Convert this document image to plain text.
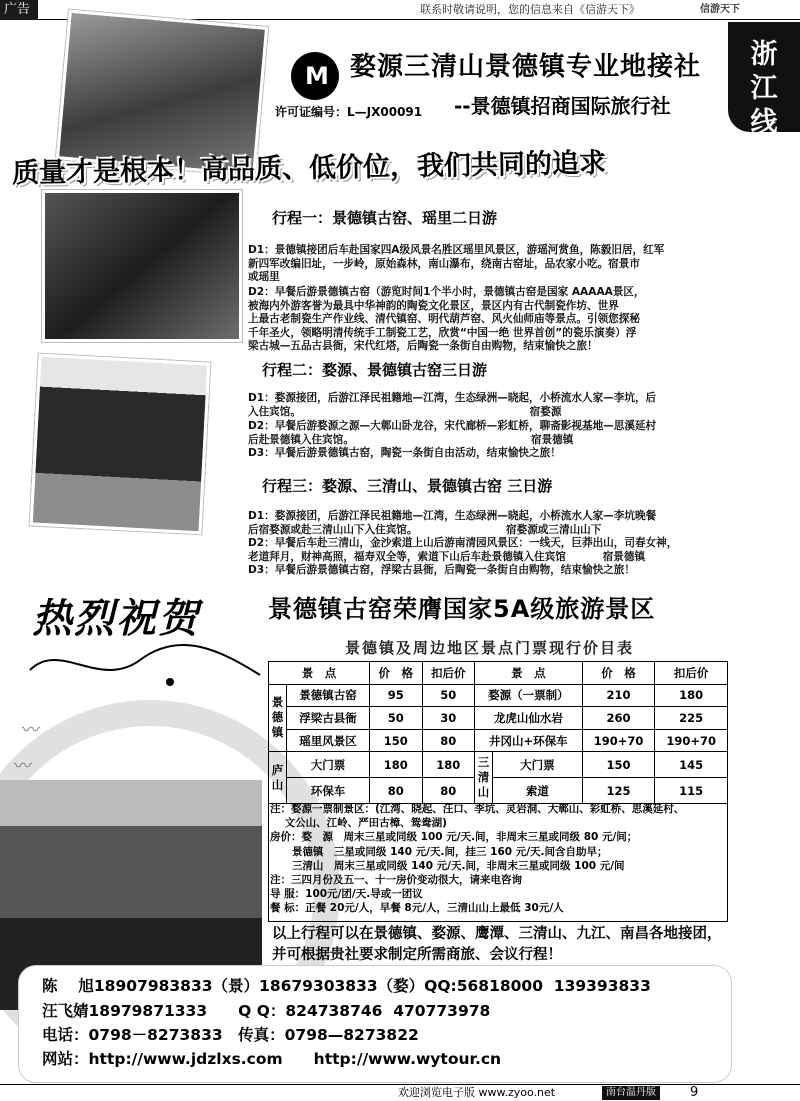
广告	联系时敬请说明，您的信息来自《信游天下》	信游天下
浙江线
M 婺源三清山景德镇专业地接社
许可证编号：L—JX00091 --景德镇招商国际旅行社
质量才是根本！高品质、低价位，我们共同的追求
行程一：景德镇古窑、瑶里二日游
D1：景德镇接团后车赴国家四A级风景名胜区瑶里风景区，游瑶河赏鱼，陈毅旧居，红军
新四军改编旧址，一步岭，原始森林，南山瀑布，绕南古窑址，品农家小吃。宿景市
或瑶里
D2：早餐后游景德镇古窑（游览时间1个半小时，景德镇古窑是国家 AAAAA景区，
被海内外游客誉为最具中华神韵的陶瓷文化景区，景区内有古代制瓷作坊、世界
上最古老制瓷生产作业线、清代镇窑、明代葫芦窑、风火仙师庙等景点。引领您探秘
千年圣火，领略明清传统手工制瓷工艺，欣赏“中国一绝 世界首创”的瓷乐演奏）浮
梁古城—五品古县衙，宋代红塔，后陶瓷一条街自由购物，结束愉快之旅！
行程二：婺源、景德镇古窑三日游
D1：婺源接团，后游江泽民祖籍地—江湾，生态绿洲—晓起，小桥流水人家—李坑，后
入住宾馆。                                                              宿婺源
D2：早餐后游婺源之源—大鄣山卧龙谷，宋代廊桥—彩虹桥，聊斋影视基地—思溪延村
后赴景德镇入住宾馆。                                                宿景德镇
D3：早餐后游景德镇古窑，陶瓷一条街自由活动，结束愉快之旅！
行程三：婺源、三清山、景德镇古窑 三日游
D1：婺源接团，后游江泽民祖籍地—江湾，生态绿洲—晓起，小桥流水人家—李坑晚餐
后宿婺源或赴三清山山下入住宾馆。                        宿婺源或三清山山下
D2：早餐后车赴三清山，金沙索道上山后游南清园风景区：一线天，巨莽出山，司春女神，
老道拜月，财神高照，福寿双全等，索道下山后车赴景德镇入住宾馆          宿景德镇
D3：早餐后游景德镇古窑，浮梁古县衙，后陶瓷一条街自由购物，结束愉快之旅！
热烈祝贺	景德镇古窑荣膺国家5A级旅游景区
景德镇及周边地区景点门票现行价目表
〰
〰
景　点		价　格	扣后价	景　点		价　格	扣后价
景德镇	景德镇古窑	95	50	婺源（一票制）		210	180
	浮梁古县衙	50	30	龙虎山仙水岩		260	225
	瑶里风景区	150	80	井冈山+环保车		190+70	190+70
庐山	大门票	180	180	三清山	大门票	150	145
	环保车	80	80		索道	125	115
注：婺源一票制景区：(江湾、晓起、汪口、李坑、灵岩洞、大鄣山、彩虹桥、思溪延村、
文公山、江岭、严田古樟、鸳鸯湖)
房价：婺　源　周末三星或同级 100 元/天.间，非周末三星或同级 80 元/间；
景德镇　三星或同级 140 元/天.间，挂三 160 元/天.间含自助早；
三清山　周末三星或同级 140 元/天.间，非周末三星或同级 100 元/间
注：三四月份及五一、十一房价变动很大，请来电咨询
导 服：100元/团/天.导或一团议
餐 标：正餐 20元/人，早餐 8元/人，三清山山上最低 30元/人
以上行程可以在景德镇、婺源、鹰潭、三清山、九江、南昌各地接团，
并可根据贵社要求制定所需商旅、会议行程！
陈　 旭18907983833（景）18679303833（婺）QQ:56818000  139393833
汪飞婧18979871333　　Q Q：824738746  470773978
电话：0798－8273833　传真：0798—8273822
网站：http://www.jdzlxs.com　　http://www.wytour.cn
欢迎浏览电子版 www.zyoo.net	南台温丹版	9
